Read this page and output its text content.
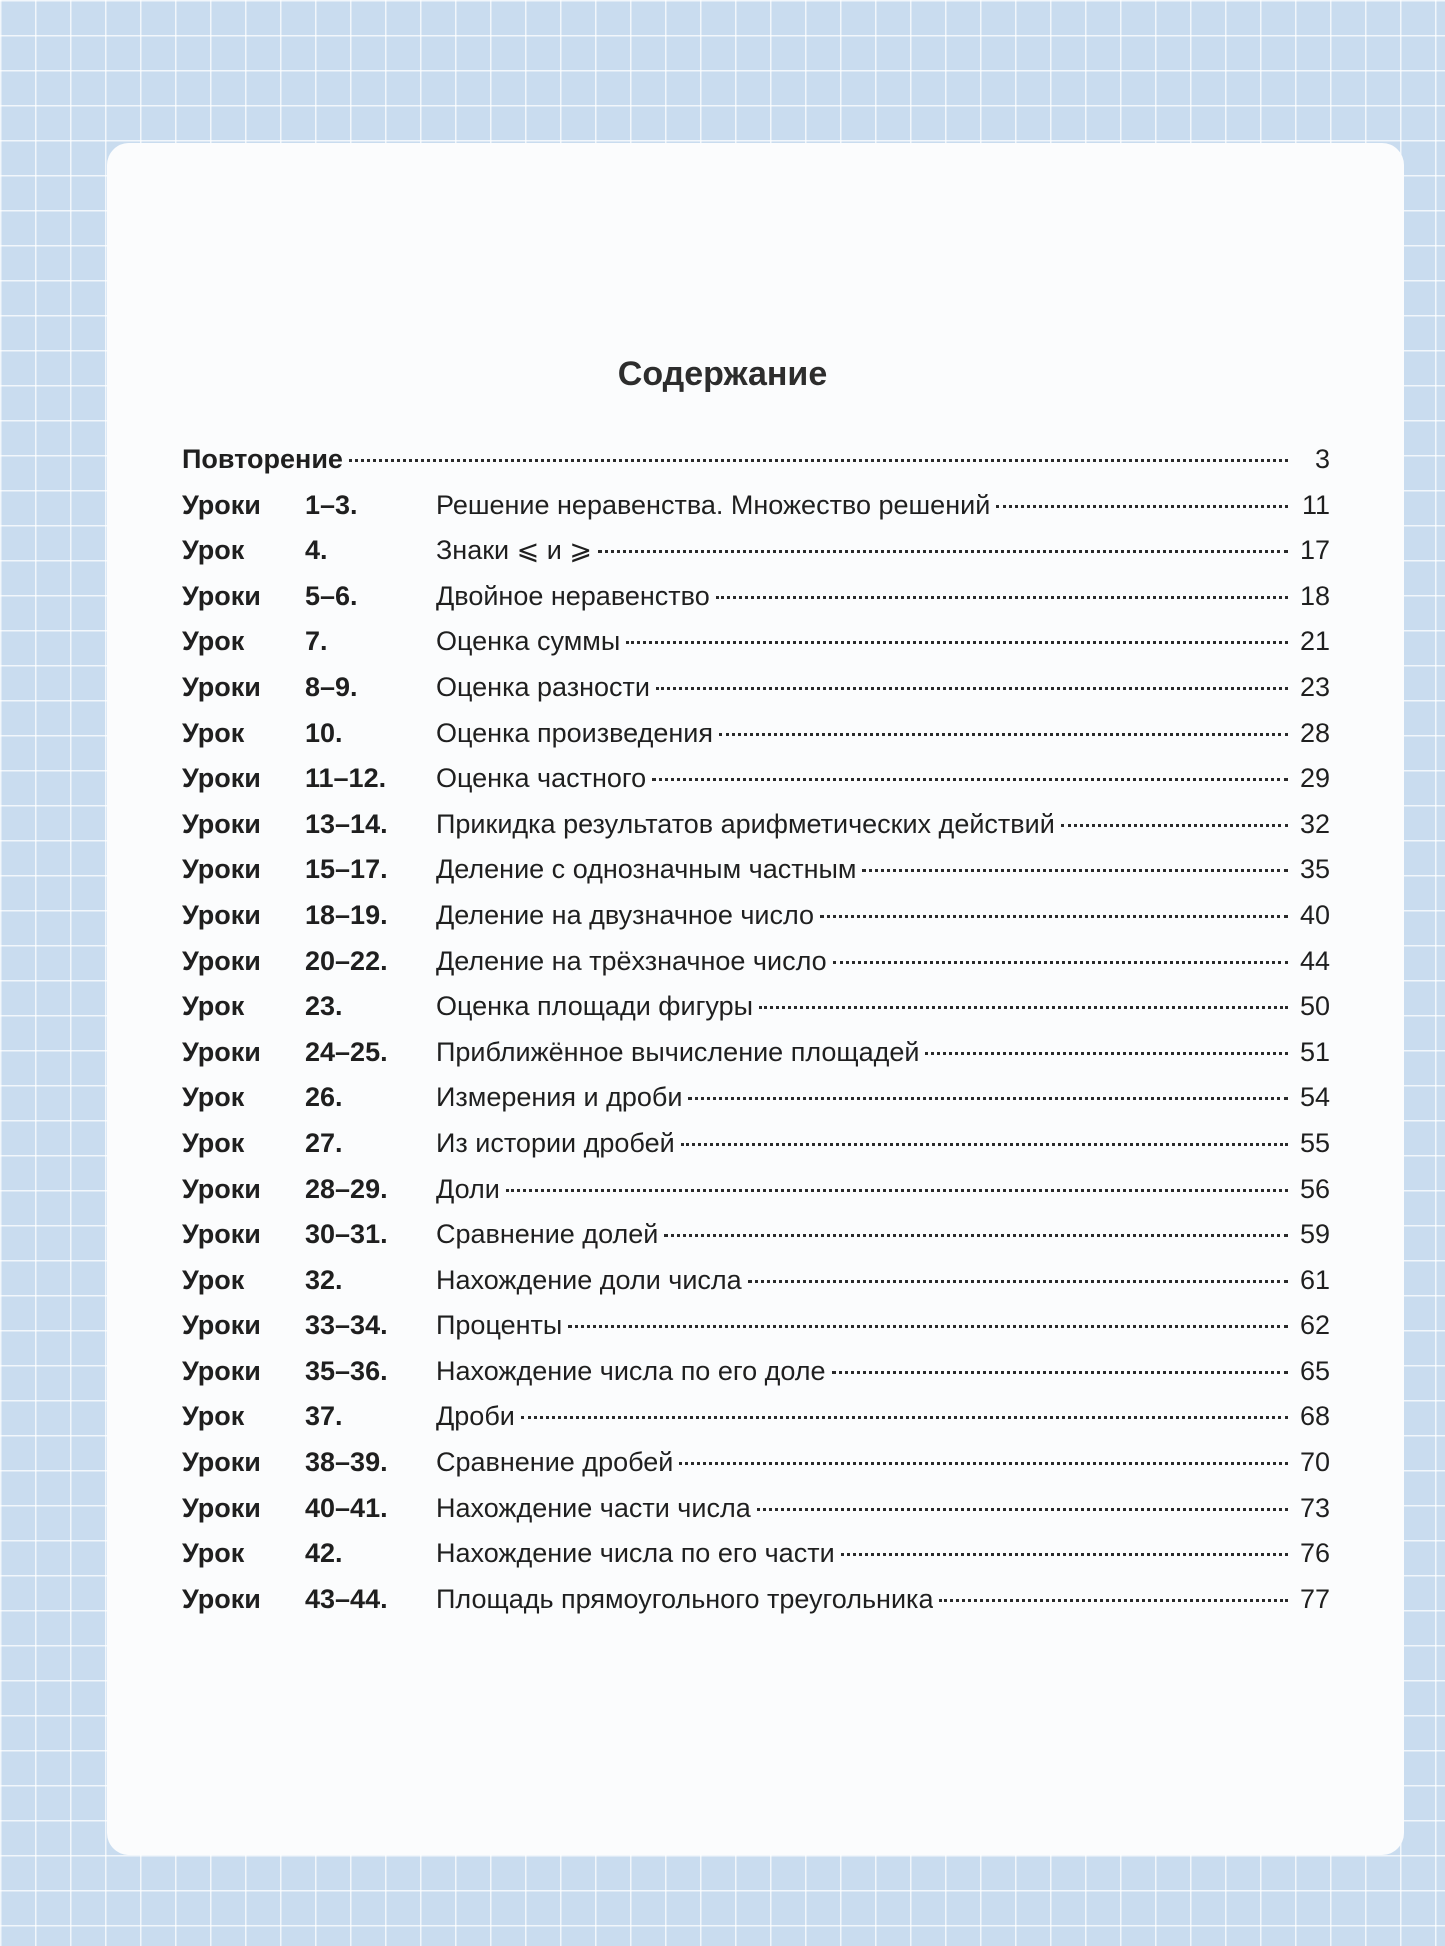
Содержание
Повторение	3
Уроки	1–3.	Решение неравенства. Множество решений	11
Урок	4.	Знаки ⩽ и ⩾	17
Уроки	5–6.	Двойное неравенство	18
Урок	7.	Оценка суммы	21
Уроки	8–9.	Оценка разности	23
Урок	10.	Оценка произведения	28
Уроки	11–12.	Оценка частного	29
Уроки	13–14.	Прикидка результатов арифметических действий	32
Уроки	15–17.	Деление с однозначным частным	35
Уроки	18–19.	Деление на двузначное число	40
Уроки	20–22.	Деление на трёхзначное число	44
Урок	23.	Оценка площади фигуры	50
Уроки	24–25.	Приближённое вычисление площадей	51
Урок	26.	Измерения и дроби	54
Урок	27.	Из истории дробей	55
Уроки	28–29.	Доли	56
Уроки	30–31.	Сравнение долей	59
Урок	32.	Нахождение доли числа	61
Уроки	33–34.	Проценты	62
Уроки	35–36.	Нахождение числа по его доле	65
Урок	37.	Дроби	68
Уроки	38–39.	Сравнение дробей	70
Уроки	40–41.	Нахождение части числа	73
Урок	42.	Нахождение числа по его части	76
Уроки	43–44.	Площадь прямоугольного треугольника	77
